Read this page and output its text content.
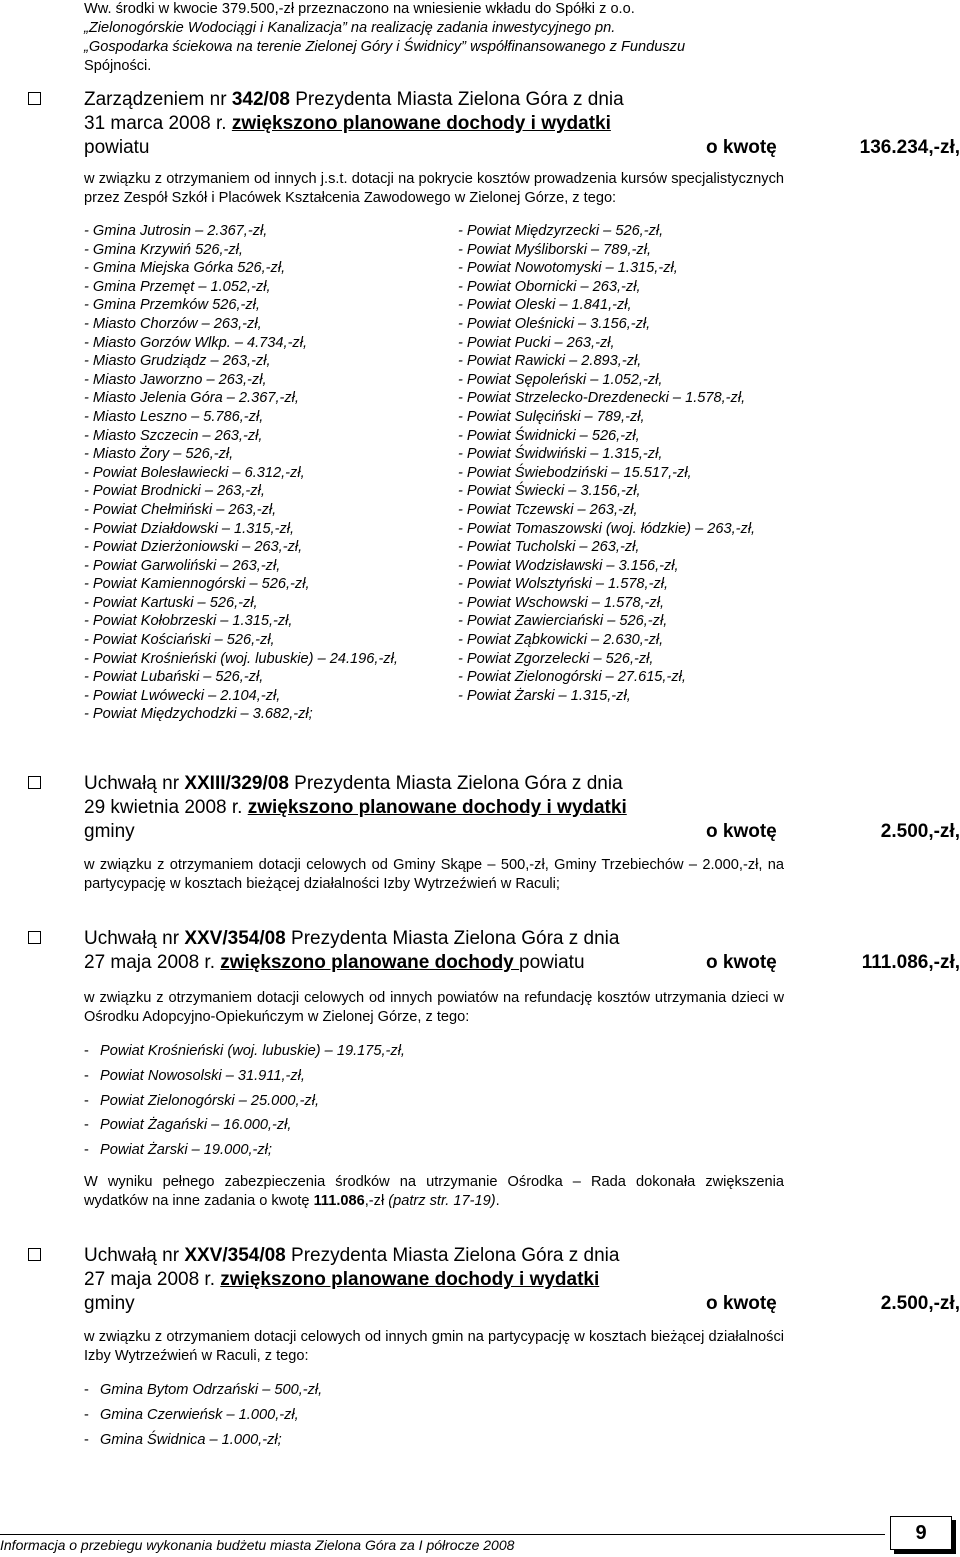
Ww. środki w kwocie 379.500,-zł przeznaczono na wniesienie wkładu do Spółki z o.o.

„Zielonogórskie Wodociągi i Kanalizacja” na realizację zadania inwestycyjnego pn.

„Gospodarka ściekowa na terenie Zielonej Góry i Świdnicy” współfinansowanego z Funduszu

Spójności.

Zarządzeniem nr 342/08 Prezydenta Miasta Zielona Góra z dnia
31 marca 2008 r. zwiększono planowane dochody i wydatki
powiatu	o kwotę	136.234,-zł,
w związku z otrzymaniem od innych j.s.t. dotacji na pokrycie kosztów prowadzenia kursów specjalistycznych przez Zespół Szkół i Placówek Kształcenia Zawodowego w Zielonej Górze, z tego:
- Gmina Jutrosin – 2.367,-zł,
- Gmina Krzywiń 526,-zł,
- Gmina Miejska Górka 526,-zł,
- Gmina Przemęt – 1.052,-zł,
- Gmina Przemków 526,-zł,
- Miasto Chorzów – 263,-zł,
- Miasto Gorzów Wlkp. – 4.734,-zł,
- Miasto Grudziądz – 263,-zł,
- Miasto Jaworzno – 263,-zł,
- Miasto Jelenia Góra – 2.367,-zł,
- Miasto Leszno – 5.786,-zł,
- Miasto Szczecin – 263,-zł,
- Miasto Żory – 526,-zł,
- Powiat Bolesławiecki – 6.312,-zł,
- Powiat Brodnicki – 263,-zł,
- Powiat Chełmiński – 263,-zł,
- Powiat Działdowski – 1.315,-zł,
- Powiat Dzierżoniowski – 263,-zł,
- Powiat Garwoliński – 263,-zł,
- Powiat Kamiennogórski – 526,-zł,
- Powiat Kartuski – 526,-zł,
- Powiat Kołobrzeski – 1.315,-zł,
- Powiat Kościański – 526,-zł,
- Powiat Krośnieński (woj. lubuskie) – 24.196,-zł,
- Powiat Lubański – 526,-zł,
- Powiat Lwówecki – 2.104,-zł,
- Powiat Międzychodzki – 3.682,-zł;
- Powiat Międzyrzecki – 526,-zł,
- Powiat Myśliborski – 789,-zł,
- Powiat Nowotomyski – 1.315,-zł,
- Powiat Obornicki – 263,-zł,
- Powiat Oleski – 1.841,-zł,
- Powiat Oleśnicki – 3.156,-zł,
- Powiat Pucki – 263,-zł,
- Powiat Rawicki – 2.893,-zł,
- Powiat Sępoleński – 1.052,-zł,
- Powiat Strzelecko-Drezdenecki – 1.578,-zł,
- Powiat Sulęciński – 789,-zł,
- Powiat Świdnicki – 526,-zł,
- Powiat Świdwiński – 1.315,-zł,
- Powiat Świebodziński – 15.517,-zł,
- Powiat Świecki – 3.156,-zł,
- Powiat Tczewski – 263,-zł,
- Powiat Tomaszowski (woj. łódzkie) – 263,-zł,
- Powiat Tucholski – 263,-zł,
- Powiat Wodzisławski – 3.156,-zł,
- Powiat Wolsztyński – 1.578,-zł,
- Powiat Wschowski – 1.578,-zł,
- Powiat Zawierciański – 526,-zł,
- Powiat Ząbkowicki – 2.630,-zł,
- Powiat Zgorzelecki – 526,-zł,
- Powiat Zielonogórski – 27.615,-zł,
- Powiat Żarski – 1.315,-zł,
Uchwałą nr XXIII/329/08 Prezydenta Miasta Zielona Góra z dnia
29 kwietnia 2008 r. zwiększono planowane dochody i wydatki
gminy	o kwotę	2.500,-zł,
w związku z otrzymaniem dotacji celowych od Gminy Skąpe – 500,-zł, Gminy Trzebiechów – 2.000,-zł, na partycypację w kosztach bieżącej działalności Izby Wytrzeźwień w Raculi;
Uchwałą nr XXV/354/08 Prezydenta Miasta Zielona Góra z dnia
27 maja 2008 r. zwiększono planowane dochody powiatu	o kwotę	111.086,-zł,
w związku z otrzymaniem dotacji celowych od innych powiatów na refundację kosztów utrzymania dzieci w Ośrodku Adopcyjno-Opiekuńczym w Zielonej Górze, z tego:
- Powiat Krośnieński (woj. lubuskie) – 19.175,-zł,
- Powiat Nowosolski – 31.911,-zł,
- Powiat Zielonogórski – 25.000,-zł,
- Powiat Żagański – 16.000,-zł,
- Powiat Żarski – 19.000,-zł;
W wyniku pełnego zabezpieczenia środków na utrzymanie Ośrodka – Rada dokonała zwiększenia wydatków na inne zadania o kwotę 111.086,-zł (patrz str. 17-19).
Uchwałą nr XXV/354/08 Prezydenta Miasta Zielona Góra z dnia
27 maja 2008 r. zwiększono planowane dochody i wydatki
gminy	o kwotę	2.500,-zł,
w związku z otrzymaniem dotacji celowych od innych gmin na partycypację w kosztach bieżącej działalności Izby Wytrzeźwień w Raculi, z tego:
- Gmina Bytom Odrzański – 500,-zł,
- Gmina Czerwieńsk – 1.000,-zł,
- Gmina Świdnica – 1.000,-zł;
Informacja o przebiegu wykonania budżetu miasta Zielona Góra za I półrocze 2008
9
